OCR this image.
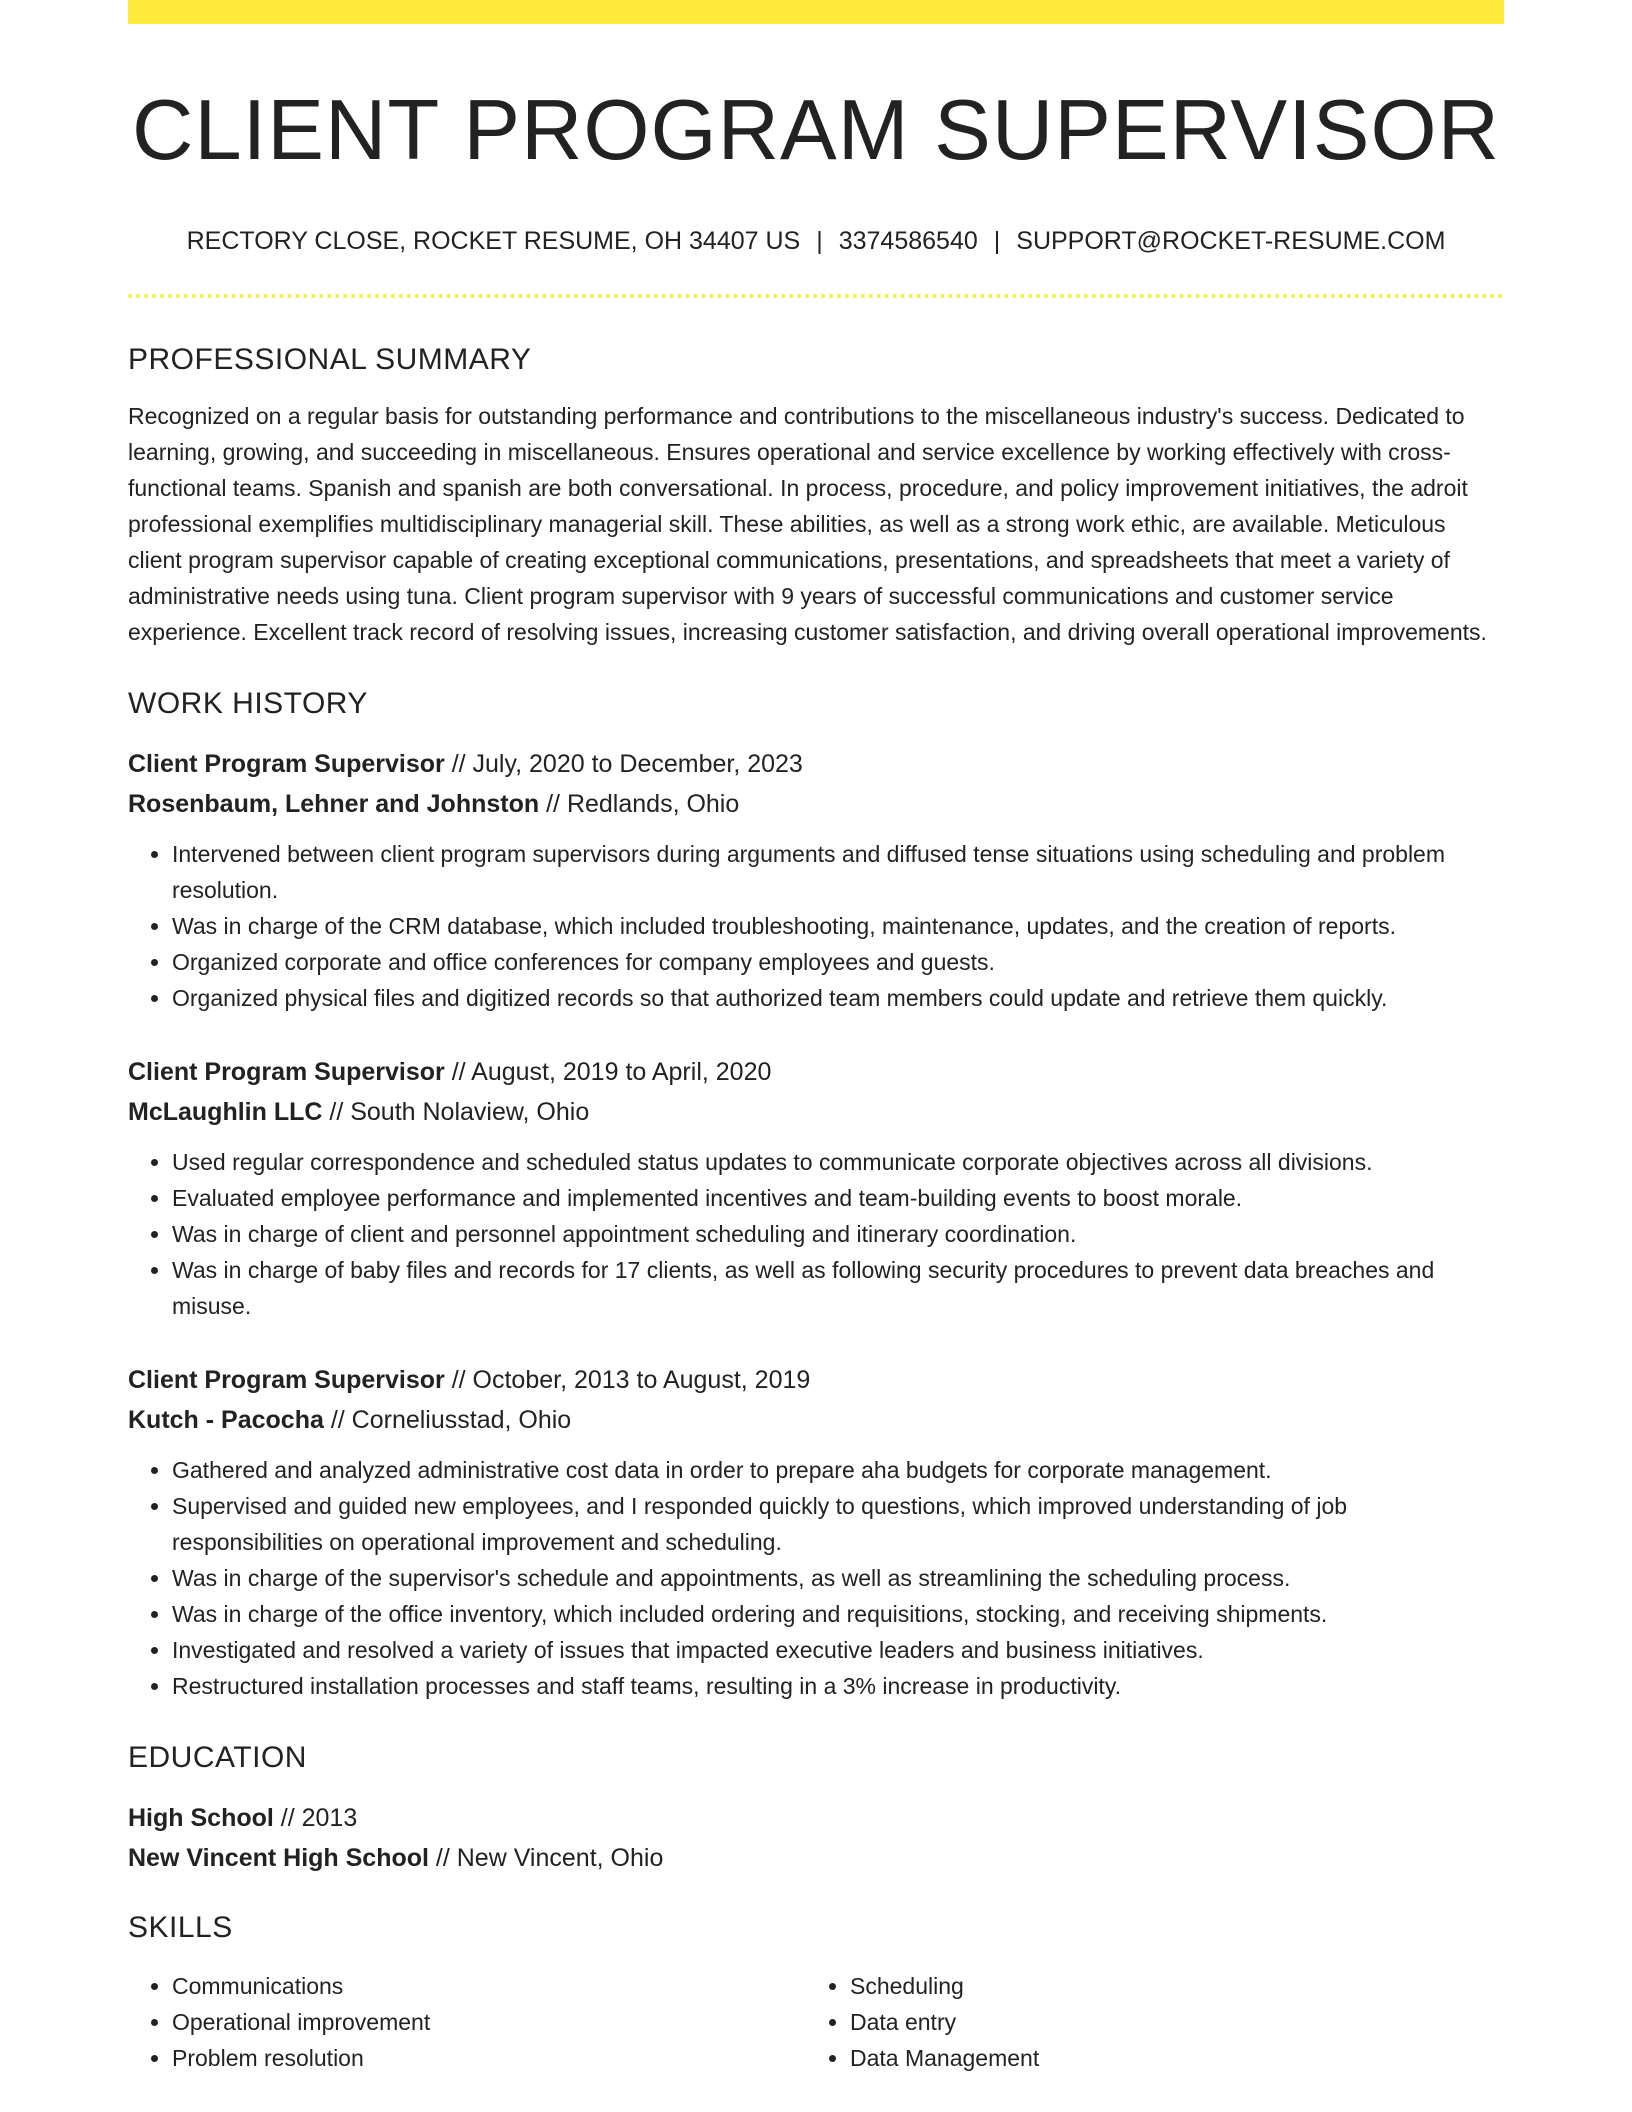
CLIENT PROGRAM SUPERVISOR
RECTORY CLOSE, ROCKET RESUME, OH 34407 US | 3374586540 | SUPPORT@ROCKET-RESUME.COM
PROFESSIONAL SUMMARY

Recognized on a regular basis for outstanding performance and contributions to the miscellaneous industry's success. Dedicated to learning, growing, and succeeding in miscellaneous. Ensures operational and service excellence by working effectively with cross-functional teams. Spanish and spanish are both conversational. In process, procedure, and policy improvement initiatives, the adroit professional exemplifies multidisciplinary managerial skill. These abilities, as well as a strong work ethic, are available. Meticulous client program supervisor capable of creating exceptional communications, presentations, and spreadsheets that meet a variety of administrative needs using tuna. Client program supervisor with 9 years of successful communications and customer service experience. Excellent track record of resolving issues, increasing customer satisfaction, and driving overall operational improvements.

WORK HISTORY
Client Program Supervisor // July, 2020 to December, 2023
Rosenbaum, Lehner and Johnston // Redlands, Ohio
• Intervened between client program supervisors during arguments and diffused tense situations using scheduling and problem resolution.
• Was in charge of the CRM database, which included troubleshooting, maintenance, updates, and the creation of reports.
• Organized corporate and office conferences for company employees and guests.
• Organized physical files and digitized records so that authorized team members could update and retrieve them quickly.
Client Program Supervisor // August, 2019 to April, 2020
McLaughlin LLC // South Nolaview, Ohio
• Used regular correspondence and scheduled status updates to communicate corporate objectives across all divisions.
• Evaluated employee performance and implemented incentives and team-building events to boost morale.
• Was in charge of client and personnel appointment scheduling and itinerary coordination.
• Was in charge of baby files and records for 17 clients, as well as following security procedures to prevent data breaches and misuse.
Client Program Supervisor // October, 2013 to August, 2019
Kutch - Pacocha // Corneliusstad, Ohio
• Gathered and analyzed administrative cost data in order to prepare aha budgets for corporate management.
• Supervised and guided new employees, and I responded quickly to questions, which improved understanding of job responsibilities on operational improvement and scheduling.
• Was in charge of the supervisor's schedule and appointments, as well as streamlining the scheduling process.
• Was in charge of the office inventory, which included ordering and requisitions, stocking, and receiving shipments.
• Investigated and resolved a variety of issues that impacted executive leaders and business initiatives.
• Restructured installation processes and staff teams, resulting in a 3% increase in productivity.
EDUCATION
High School // 2013
New Vincent High School // New Vincent, Ohio
SKILLS
• Communications
• Operational improvement
• Problem resolution
• Scheduling
• Data entry
• Data Management
